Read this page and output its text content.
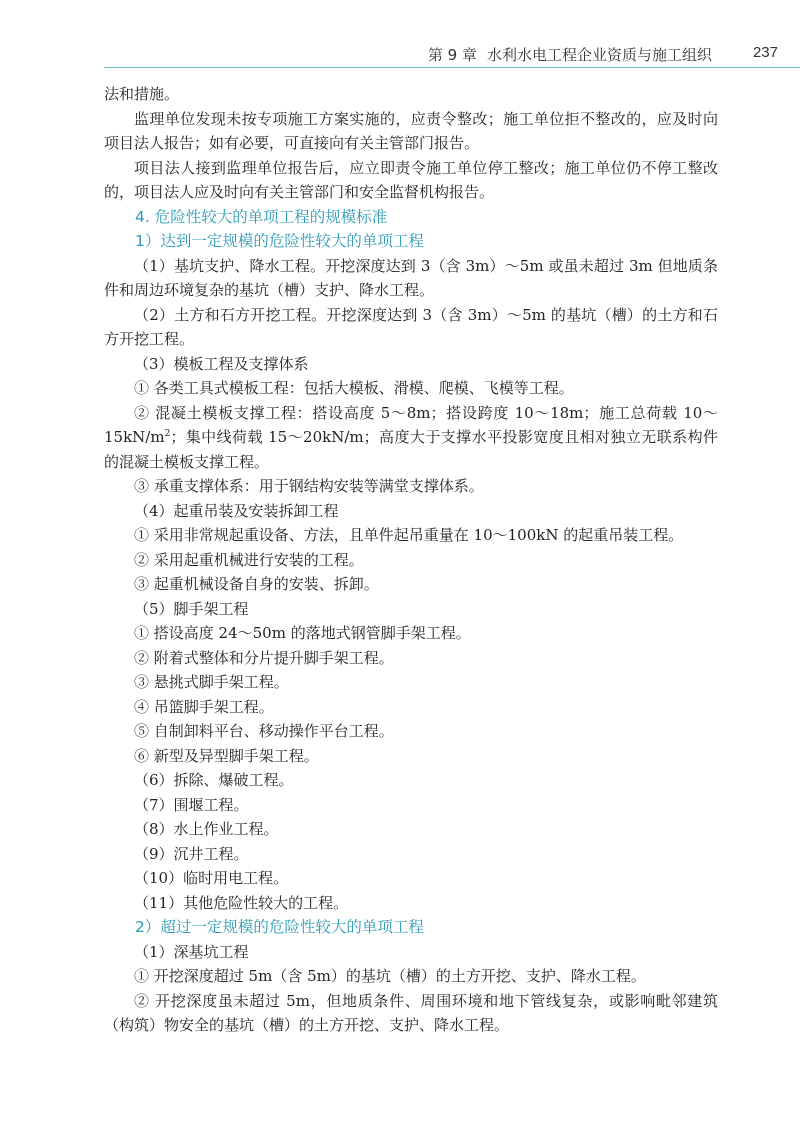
第 9 章 水利水电工程企业资质与施工组织	237

法和措施。

监理单位发现未按专项施工方案实施的，应责令整改；施工单位拒不整改的，应及时向项目法人报告；如有必要，可直接向有关主管部门报告。

项目法人接到监理单位报告后，应立即责令施工单位停工整改；施工单位仍不停工整改的，项目法人应及时向有关主管部门和安全监督机构报告。

4. 危险性较大的单项工程的规模标准

1）达到一定规模的危险性较大的单项工程

（1）基坑支护、降水工程。开挖深度达到 3（含 3m）～5m 或虽未超过 3m 但地质条件和周边环境复杂的基坑（槽）支护、降水工程。

（2）土方和石方开挖工程。开挖深度达到 3（含 3m）～5m 的基坑（槽）的土方和石方开挖工程。

（3）模板工程及支撑体系

① 各类工具式模板工程：包括大模板、滑模、爬模、飞模等工程。

② 混凝土模板支撑工程：搭设高度 5～8m；搭设跨度 10～18m；施工总荷载 $10\sim 15kN/m^2$；集中线荷载 15～20kN/m；高度大于支撑水平投影宽度且相对独立无联系构件的混凝土模板支撑工程。

③ 承重支撑体系：用于钢结构安装等满堂支撑体系。

（4）起重吊装及安装拆卸工程

① 采用非常规起重设备、方法，且单件起吊重量在 10～100kN 的起重吊装工程。

② 采用起重机械进行安装的工程。

③ 起重机械设备自身的安装、拆卸。

（5）脚手架工程

① 搭设高度 24～50m 的落地式钢管脚手架工程。

② 附着式整体和分片提升脚手架工程。

③ 悬挑式脚手架工程。

④ 吊篮脚手架工程。

⑤ 自制卸料平台、移动操作平台工程。

⑥ 新型及异型脚手架工程。

（6）拆除、爆破工程。

（7）围堰工程。

（8）水上作业工程。

（9）沉井工程。

（10）临时用电工程。

（11）其他危险性较大的工程。

2）超过一定规模的危险性较大的单项工程

（1）深基坑工程

① 开挖深度超过 5m（含 5m）的基坑（槽）的土方开挖、支护、降水工程。

② 开挖深度虽未超过 5m，但地质条件、周围环境和地下管线复杂，或影响毗邻建筑（构筑）物安全的基坑（槽）的土方开挖、支护、降水工程。
